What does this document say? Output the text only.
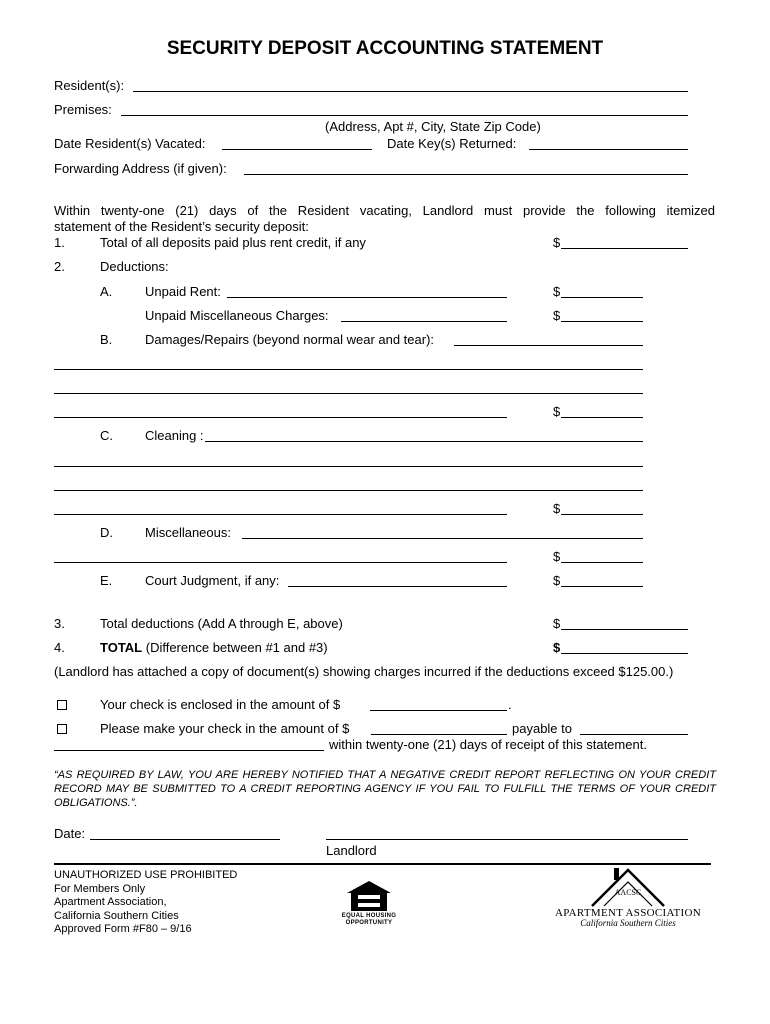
SECURITY DEPOSIT ACCOUNTING STATEMENT
Resident(s):
Premises:
(Address, Apt #, City, State Zip Code)
Date Resident(s) Vacated:	Date Key(s) Returned:
Forwarding Address (if given):
Within twenty-one (21) days of the Resident vacating, Landlord must provide the following itemized
statement of the Resident’s security deposit:
1.	Total of all deposits paid plus rent credit, if any	$
2.	Deductions:
A.	Unpaid Rent:	$
Unpaid Miscellaneous Charges:	$
B.	Damages/Repairs (beyond normal wear and tear):
$
C. Cleaning :
$
D. Miscellaneous:
$
E.	Court Judgment, if any:	$
3.	Total deductions (Add A through E, above)	$
4.	TOTAL (Difference between #1 and #3)	$
(Landlord has attached a copy of document(s) showing charges incurred if the deductions exceed $125.00.)
Your check is enclosed in the amount of $	.
Please make your check in the amount of $	payable to
within twenty-one (21) days of receipt of this statement.
“AS REQUIRED BY LAW, YOU ARE HEREBY NOTIFIED THAT A NEGATIVE CREDIT REPORT REFLECTING ON YOUR CREDIT RECORD MAY BE SUBMITTED TO A CREDIT REPORTING AGENCY IF YOU FAIL TO FULFILL THE TERMS OF YOUR CREDIT OBLIGATIONS.”.
Date:
Landlord
UNAUTHORIZED USE PROHIBITED
For Members Only
Apartment Association,
California Southern Cities
Approved Form #F80 – 9/16
EQUAL HOUSING
OPPORTUNITY
AACSC
APARTMENT ASSOCIATION
California Southern Cities
